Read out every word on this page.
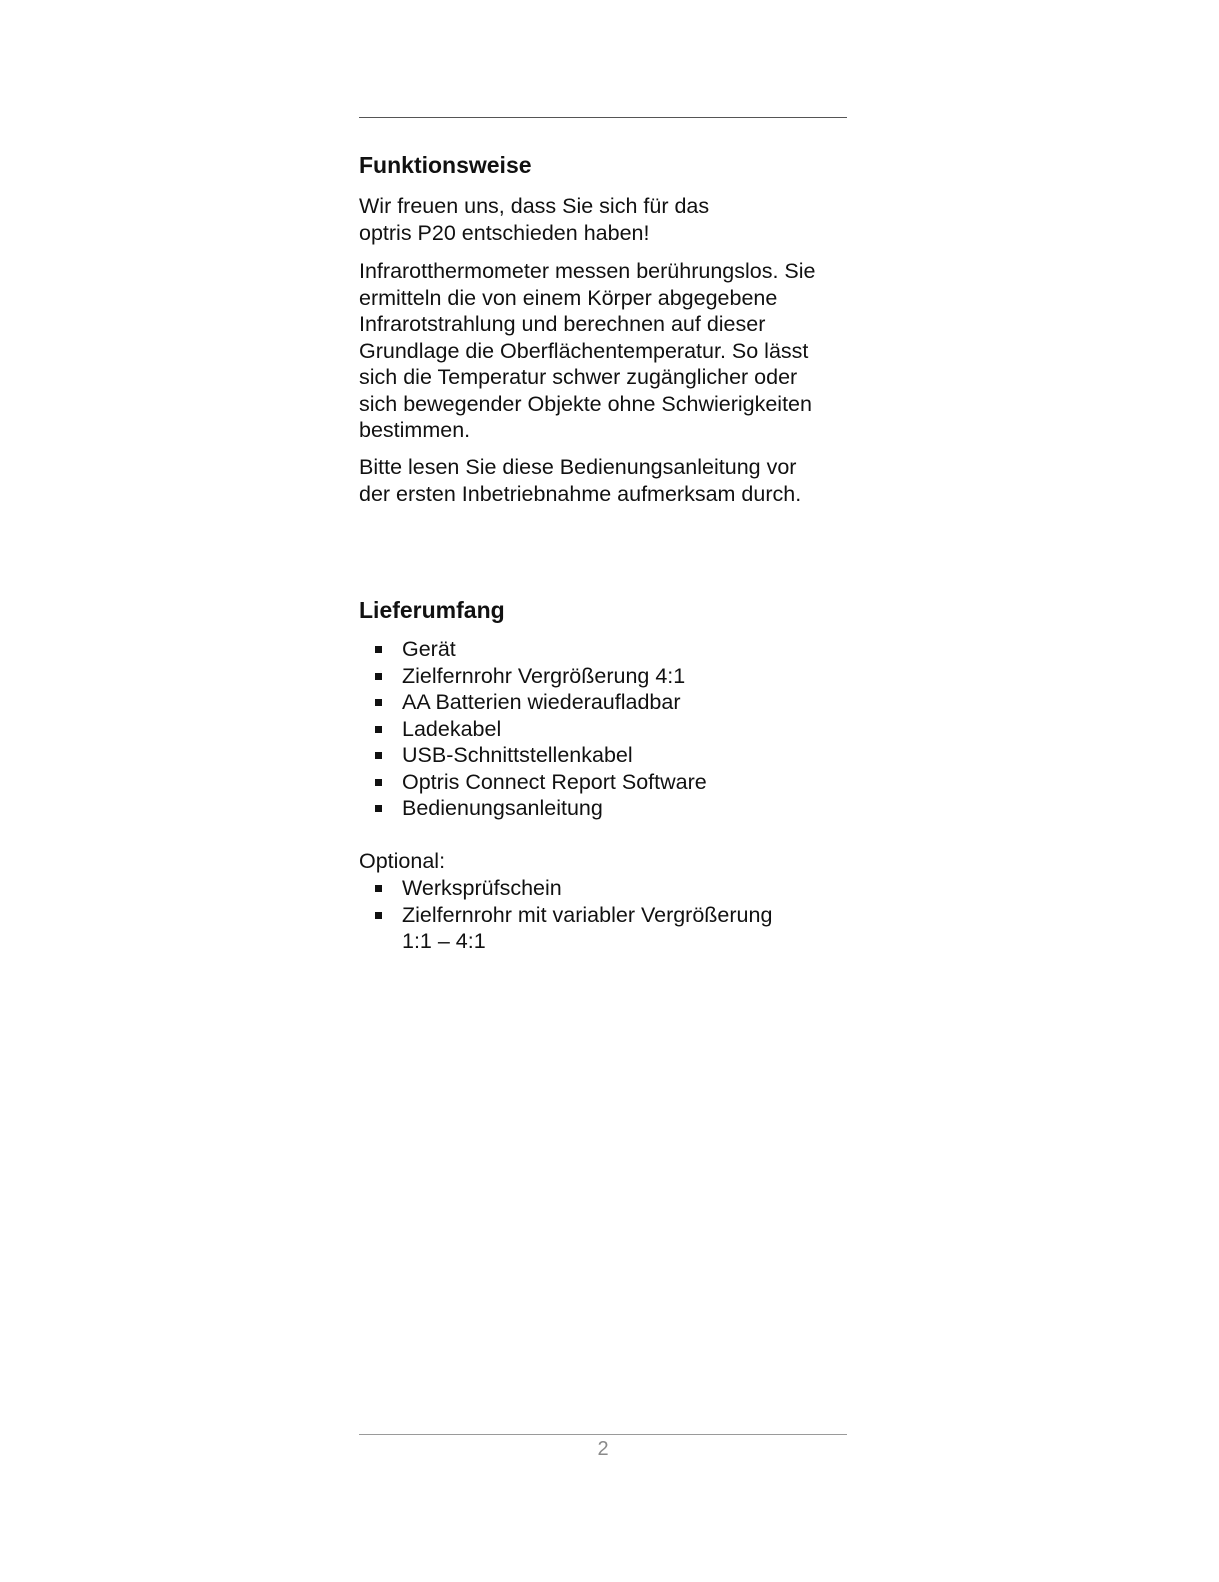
Funktionsweise

Wir freuen uns, dass Sie sich für das
optris P20 entschieden haben!

Infrarotthermometer messen berührungslos. Sie
ermitteln die von einem Körper abgegebene
Infrarotstrahlung und berechnen auf dieser
Grundlage die Oberflächentemperatur. So lässt
sich die Temperatur schwer zugänglicher oder
sich bewegender Objekte ohne Schwierigkeiten
bestimmen.

Bitte lesen Sie diese Bedienungsanleitung vor
der ersten Inbetriebnahme aufmerksam durch.

Lieferumfang
Gerät
Zielfernrohr Vergrößerung 4:1
AA Batterien wiederaufladbar
Ladekabel
USB-Schnittstellenkabel
Optris Connect Report Software
Bedienungsanleitung

Optional:

Werksprüfschein
Zielfernrohr mit variabler Vergrößerung
1:1 – 4:1
2
